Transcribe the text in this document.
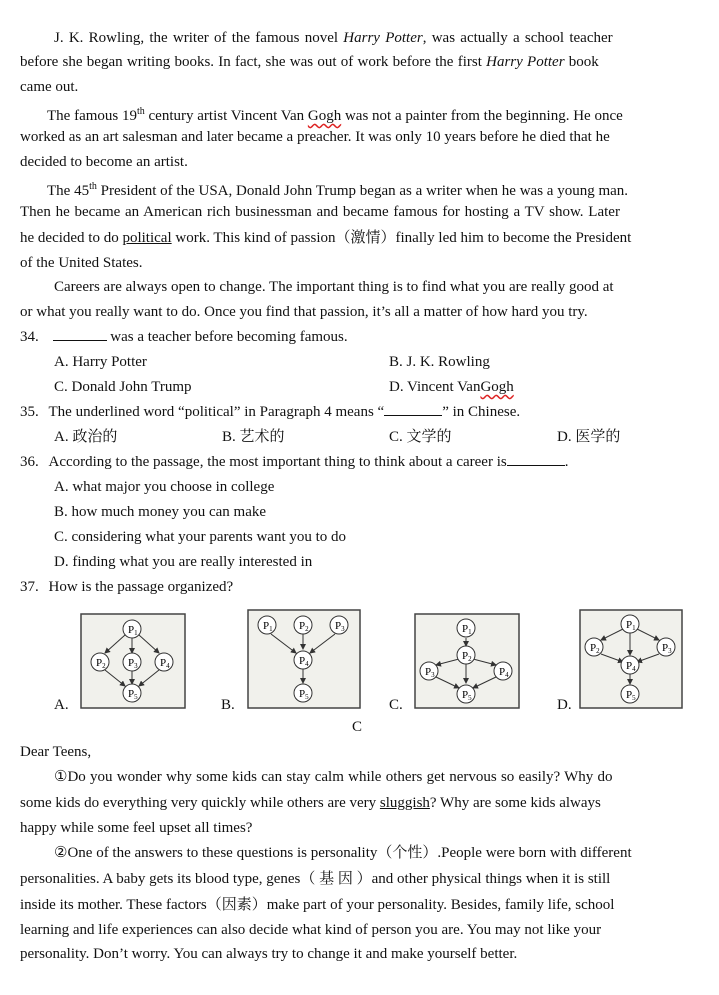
J. K. Rowling, the writer of the famous novel Harry Potter, was actually a school teacher
before she began writing books. In fact, she was out of work before the first Harry Potter book
came out.
The famous 19th century artist Vincent Van Gogh was not a painter from the beginning. He once
worked as an art salesman and later became a preacher. It was only 10 years before he died that he
decided to become an artist.
The 45th President of the USA, Donald John Trump began as a writer when he was a young man.
Then he became an American rich businessman and became famous for hosting a TV show. Later
he decided to do political work. This kind of passion（激情）finally led him to become the President
of the United States.
Careers are always open to change. The important thing is to find what you are really good at
or what you really want to do. Once you find that passion, it’s all a matter of how hard you try.
34.	was a teacher before becoming famous.
A. Harry Potter	B. J. K. Rowling
C. Donald John Trump	D. Vincent VanGogh
35. The underlined word “political” in Paragraph 4 means “	” in Chinese.
A. 政治的	B. 艺术的	C. 文学的	D. 医学的
36. According to the passage, the most important thing to think about a career is	.
A. what major you choose in college
B. how much money you can make
C. considering what your parents want you to do
D. finding what you are really interested in
37. How is the passage organized?
A.	B.	C.	D.
P1
P2 P3 P4
P5
P1 P2 P3
P4
P5
P1
P2
P3	P4
P5
P1
P2	P3
P4
P5
C
Dear Teens,
①Do you wonder why some kids can stay calm while others get nervous so easily? Why do
some kids do everything very quickly while others are very sluggish? Why are some kids always
happy while some feel upset all times?
②One of the answers to these questions is personality（个性）.People were born with different
personalities. A baby gets its blood type, genes（ 基 因 ）and other physical things when it is still
inside its mother. These factors（因素）make part of your personality. Besides, family life, school
learning and life experiences can also decide what kind of person you are. You may not like your
personality. Don’t worry. You can always try to change it and make yourself better.
